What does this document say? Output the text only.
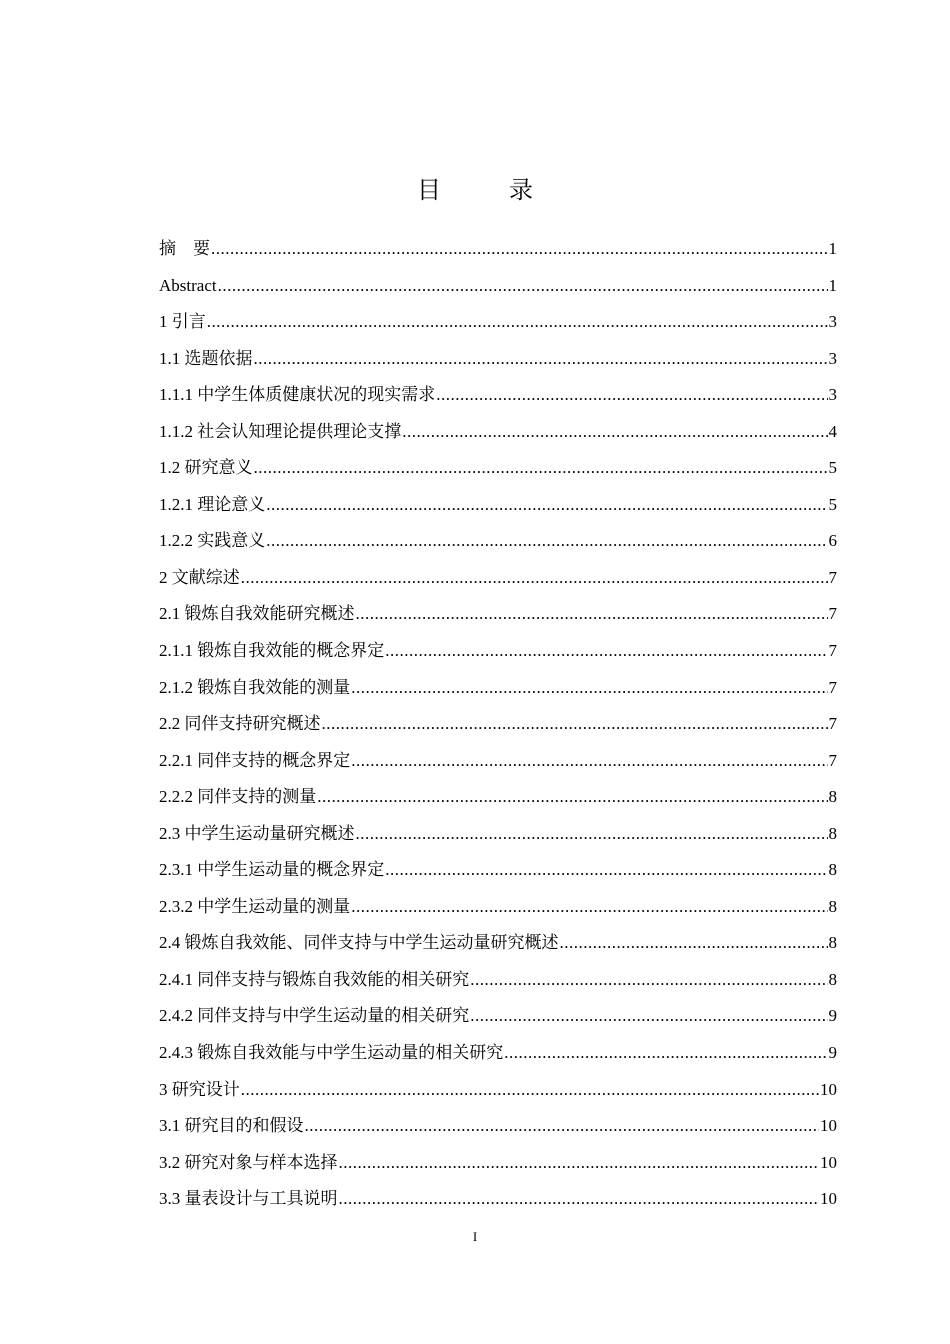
目　录
摘　要 .....	1
Abstract .....	1
1 引言 .....	3
1.1 选题依据 .....	3
1.1.1 中学生体质健康状况的现实需求 .....	3
1.1.2 社会认知理论提供理论支撑 .....	4
1.2 研究意义 .....	5
1.2.1 理论意义 .....	5
1.2.2 实践意义 .....	6
2 文献综述 .....	7
2.1 锻炼自我效能研究概述 .....	7
2.1.1 锻炼自我效能的概念界定 .....	7
2.1.2 锻炼自我效能的测量 .....	7
2.2 同伴支持研究概述 .....	7
2.2.1 同伴支持的概念界定 .....	7
2.2.2 同伴支持的测量 .....	8
2.3 中学生运动量研究概述 .....	8
2.3.1 中学生运动量的概念界定 .....	8
2.3.2 中学生运动量的测量 .....	8
2.4 锻炼自我效能、同伴支持与中学生运动量研究概述 .....	8
2.4.1 同伴支持与锻炼自我效能的相关研究 .....	8
2.4.2 同伴支持与中学生运动量的相关研究 .....	9
2.4.3 锻炼自我效能与中学生运动量的相关研究 .....	9
3 研究设计 .....	10
3.1 研究目的和假设 .....	10
3.2 研究对象与样本选择 .....	10
3.3 量表设计与工具说明 .....	10
I
